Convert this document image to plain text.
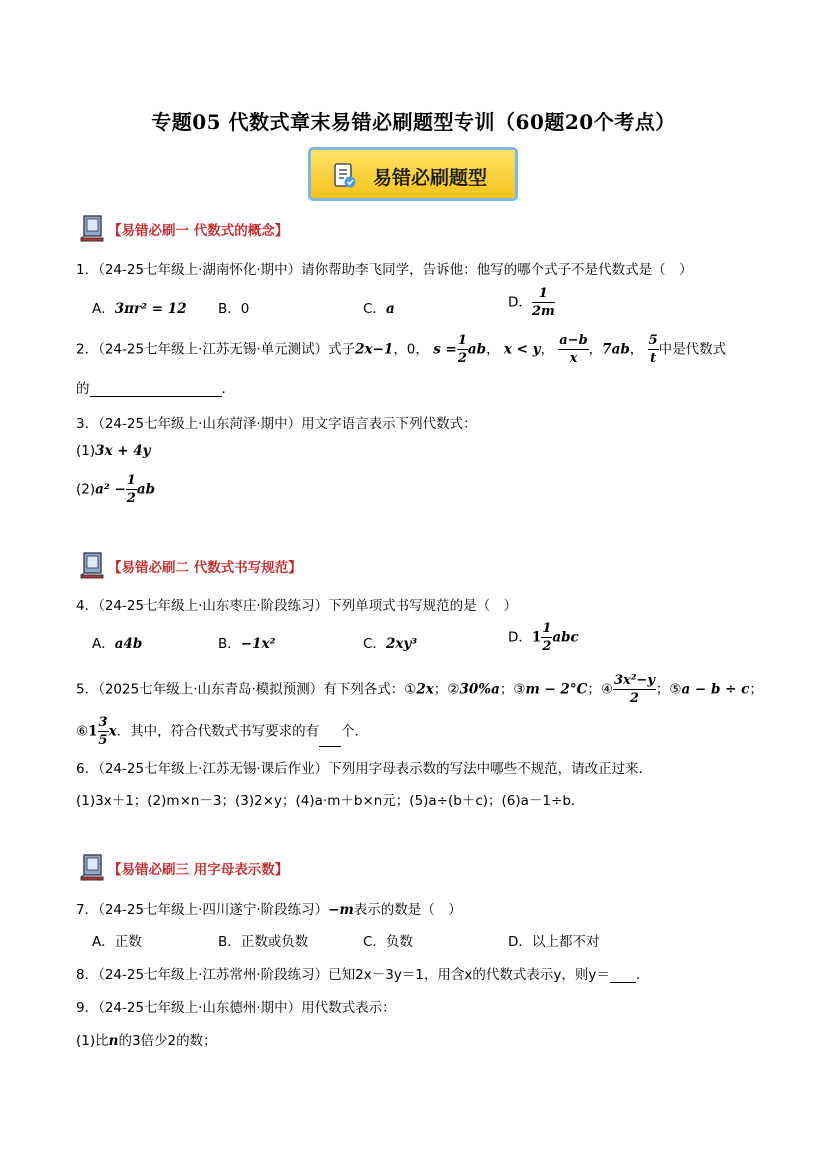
专题05 代数式章末易错必刷题型专训（60题20个考点）
易错必刷题型
【易错必刷一 代数式的概念】
1．（24-25七年级上·湖南怀化·期中）请你帮助李飞同学，告诉他：他写的哪个式子不是代数式是（　）
A．3πr² = 12 B．0	C．a	D． $\frac{1}{2m}$
2．（24-25七年级上·江苏无锡·单元测试）式子2x−1，0， $s = \frac{1}{2}$ ab， x < y， $\frac{a-b}{x}$ ，7ab， $\frac{5}{t}$ 中是代数式
的	．
3．（24-25七年级上·山东菏泽·期中）用文字语言表示下列代数式：
(1)3x + 4y
$(2)a^2 - \frac{1}{2}$ ab
【易错必刷二 代数式书写规范】
4．（24-25七年级上·山东枣庄·阶段练习）下列单项式书写规范的是（　）
A．a4b	B．−1x²	C．2xy³	D．$1 \frac{1}{2}$ abc
5．（2025七年级上·山东青岛·模拟预测）有下列各式：①2x；②30%a；③m − 2°C；④ $\frac{\text{3x²−y}}{2}$ ；⑤a − b ÷ c；
⑥1 $\frac{3}{5}$ x．其中，符合代数式书写要求的有 个．
6．（24-25七年级上·江苏无锡·课后作业）下列用字母表示数的写法中哪些不规范，请改正过来．
(1)3x＋1；(2)m×n－3；(3)2×y；(4)a·m＋b×n元；(5)a÷(b＋c)；(6)a－1÷b．
【易错必刷三 用字母表示数】
7．（24-25七年级上·四川遂宁·阶段练习）−m表示的数是（　）
A．正数	B．正数或负数	C．负数	D．以上都不对
8．（24-25七年级上·江苏常州·阶段练习）已知2x－3y＝1，用含x的代数式表示y，则y＝ ．
9．（24-25七年级上·山东德州·期中）用代数式表示：
(1)比n的3倍少2的数；
